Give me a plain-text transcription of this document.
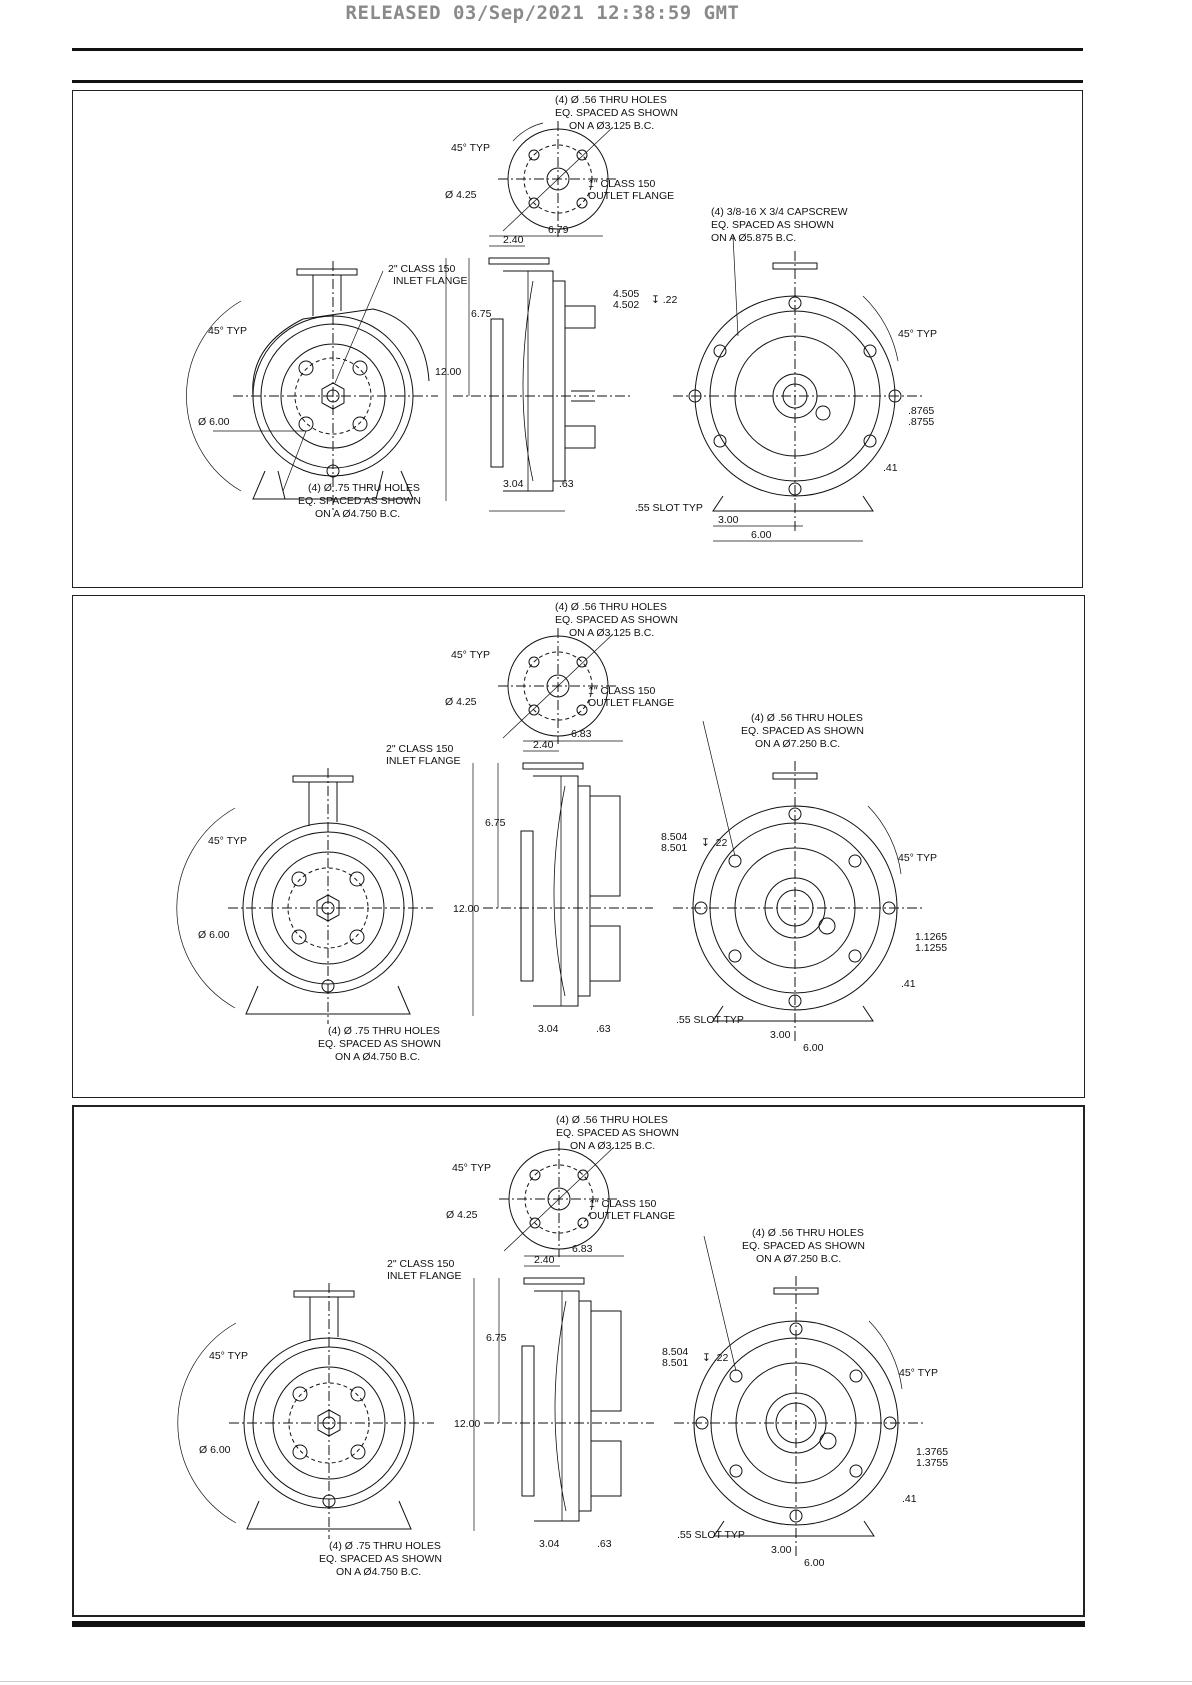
RELEASED 03/Sep/2021 12:38:59 GMT
(4) Ø .56 THRU HOLES
EQ. SPACED AS SHOWN
ON A Ø3.125 B.C.
45° TYP
Ø 4.25
1" CLASS 150
OUTLET FLANGE
6.79
2.40
2" CLASS 150
INLET FLANGE
6.75
12.00
45° TYP
Ø 6.00
(4) Ø .75 THRU HOLES
EQ. SPACED AS SHOWN
ON A Ø4.750 B.C.
3.04	.63
4.505
4.502 ↧ .22
(4) 3/8-16 X 3/4 CAPSCREW
EQ. SPACED AS SHOWN
ON A Ø5.875 B.C.
45° TYP
.8765
.8755
.41
.55 SLOT TYP
3.00
6.00
(4) Ø .56 THRU HOLES
EQ. SPACED AS SHOWN
ON A Ø3.125 B.C.
45° TYP
Ø 4.25
1" CLASS 150
OUTLET FLANGE
6.83
2.40
2" CLASS 150
INLET FLANGE
6.75
12.00
45° TYP
Ø 6.00
(4) Ø .75 THRU HOLES
EQ. SPACED AS SHOWN
ON A Ø4.750 B.C.
3.04	.63
8.504
8.501 ↧ .22
(4) Ø .56 THRU HOLES
EQ. SPACED AS SHOWN
ON A Ø7.250 B.C.
45° TYP
1.1265
1.1255
.41
.55 SLOT TYP
3.00
6.00
(4) Ø .56 THRU HOLES
EQ. SPACED AS SHOWN
ON A Ø3.125 B.C.
45° TYP
Ø 4.25
1" CLASS 150
OUTLET FLANGE
6.83
2.40
2" CLASS 150
INLET FLANGE
6.75
12.00
45° TYP
Ø 6.00
(4) Ø .75 THRU HOLES
EQ. SPACED AS SHOWN
ON A Ø4.750 B.C.
3.04	.63
8.504
8.501 ↧ .22
(4) Ø .56 THRU HOLES
EQ. SPACED AS SHOWN
ON A Ø7.250 B.C.
45° TYP
1.3765
1.3755
.41
.55 SLOT TYP
3.00
6.00
